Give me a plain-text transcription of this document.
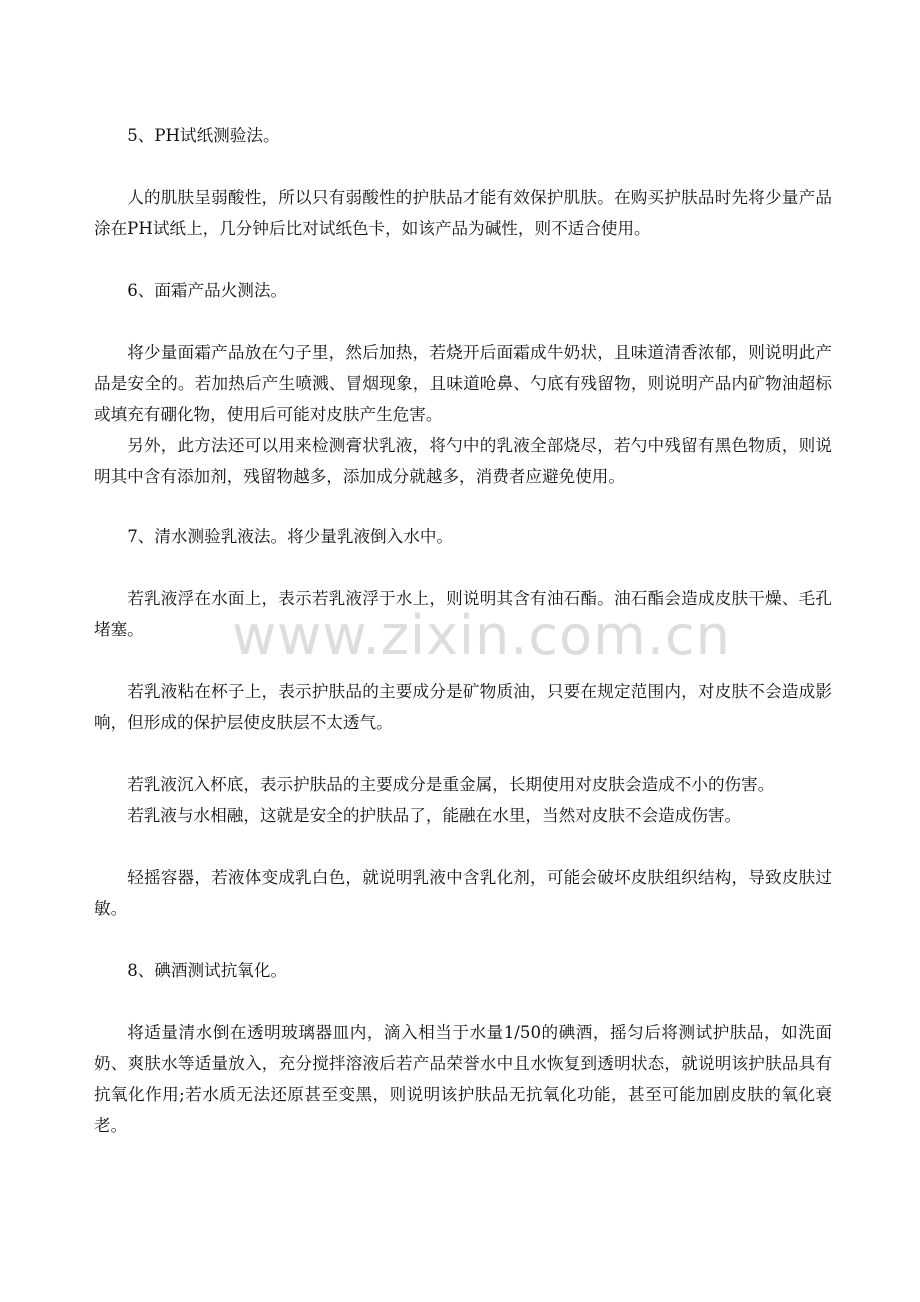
5、PH试纸测验法。

人的肌肤呈弱酸性，所以只有弱酸性的护肤品才能有效保护肌肤。在购买护肤品时先将少量产品涂在PH试纸上，几分钟后比对试纸色卡，如该产品为碱性，则不适合使用。

6、面霜产品火测法。

将少量面霜产品放在勺子里，然后加热，若烧开后面霜成牛奶状，且味道清香浓郁，则说明此产品是安全的。若加热后产生喷溅、冒烟现象，且味道呛鼻、勺底有残留物，则说明产品内矿物油超标或填充有硼化物，使用后可能对皮肤产生危害。

另外，此方法还可以用来检测膏状乳液，将勺中的乳液全部烧尽，若勺中残留有黑色物质，则说明其中含有添加剂，残留物越多，添加成分就越多，消费者应避免使用。

7、清水测验乳液法。将少量乳液倒入水中。

若乳液浮在水面上，表示若乳液浮于水上，则说明其含有油石酯。油石酯会造成皮肤干燥、毛孔堵塞。

若乳液粘在杯子上，表示护肤品的主要成分是矿物质油，只要在规定范围内，对皮肤不会造成影响，但形成的保护层使皮肤层不太透气。

若乳液沉入杯底，表示护肤品的主要成分是重金属，长期使用对皮肤会造成不小的伤害。

若乳液与水相融，这就是安全的护肤品了，能融在水里，当然对皮肤不会造成伤害。

轻摇容器，若液体变成乳白色，就说明乳液中含乳化剂，可能会破坏皮肤组织结构，导致皮肤过敏。

8、碘酒测试抗氧化。

将适量清水倒在透明玻璃器皿内，滴入相当于水量1/50的碘酒，摇匀后将测试护肤品，如洗面奶、爽肤水等适量放入，充分搅拌溶液后若产品荣誉水中且水恢复到透明状态，就说明该护肤品具有抗氧化作用;若水质无法还原甚至变黑，则说明该护肤品无抗氧化功能，甚至可能加剧皮肤的氧化衰老。

www.zixin.com.cn
